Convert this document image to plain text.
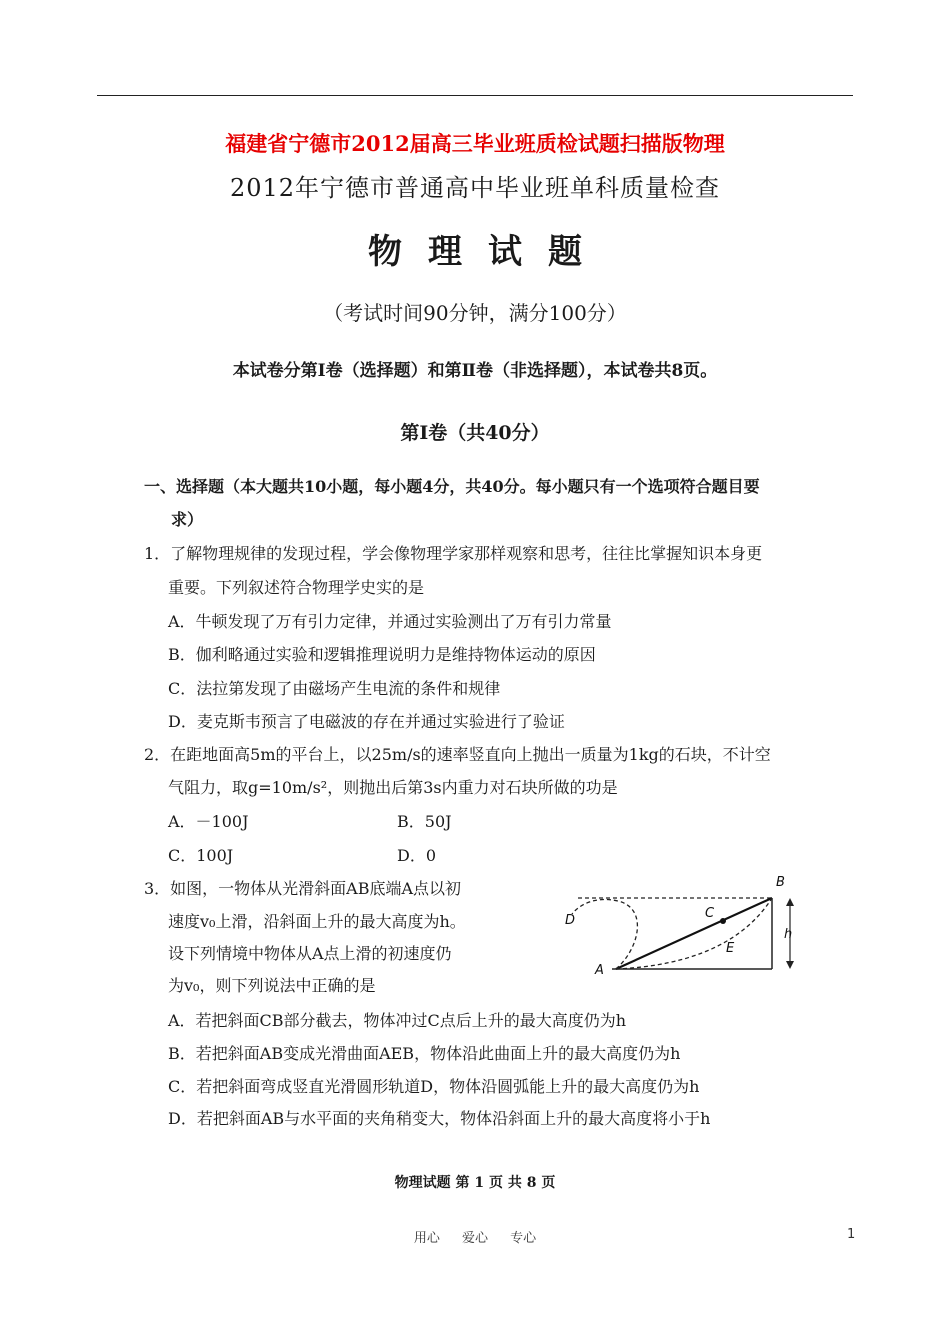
福建省宁德市2012届高三毕业班质检试题扫描版物理
2012年宁德市普通高中毕业班单科质量检查
物理试题
（考试时间90分钟，满分100分）
本试卷分第Ⅰ卷（选择题）和第Ⅱ卷（非选择题），本试卷共8页。
第Ⅰ卷（共40分）
一、选择题（本大题共10小题，每小题4分，共40分。每小题只有一个选项符合题目要
求）
1．了解物理规律的发现过程，学会像物理学家那样观察和思考，往往比掌握知识本身更
重要。下列叙述符合物理学史实的是
A．牛顿发现了万有引力定律，并通过实验测出了万有引力常量
B．伽利略通过实验和逻辑推理说明力是维持物体运动的原因
C．法拉第发现了由磁场产生电流的条件和规律
D．麦克斯韦预言了电磁波的存在并通过实验进行了验证
2．在距地面高5m的平台上，以25m/s的速率竖直向上抛出一质量为1kg的石块，不计空
气阻力，取g=10m/s²，则抛出后第3s内重力对石块所做的功是
A．－100J	B．50J
C．100J	D．0
3．如图，一物体从光滑斜面AB底端A点以初
速度v₀上滑，沿斜面上升的最大高度为h。
设下列情境中物体从A点上滑的初速度仍
为v₀，则下列说法中正确的是
A．若把斜面CB部分截去，物体冲过C点后上升的最大高度仍为h
B．若把斜面AB变成光滑曲面AEB，物体沿此曲面上升的最大高度仍为h
C．若把斜面弯成竖直光滑圆形轨道D，物体沿圆弧能上升的最大高度仍为h
D．若把斜面AB与水平面的夹角稍变大，物体沿斜面上升的最大高度将小于h
A
B
C
D
E
h
物理试题 第 1 页 共 8 页
用心 爱心 专心	1
